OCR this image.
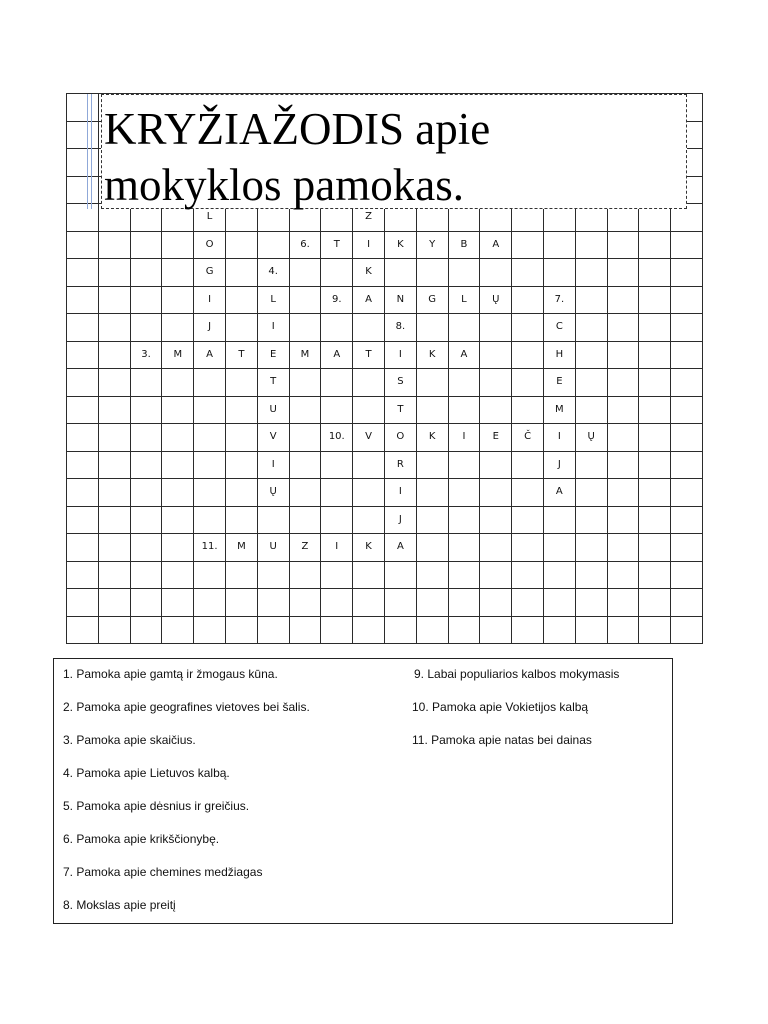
				L					Z										
				O			6.	T	I	K	Y	B	A						
				G		4.			K										
				I		L		9.	A	N	G	L	Ų		7.				
				J		I				8.					C				
		3.	M	A	T	E	M	A	T	I	K	A			H				
						T				S					E				
						U				T					M				
						V		10.	V	O	K	I	E	Č	I	Ų			
						I				R					J				
						Ų				I					A				
										J									
				11.	M	U	Z	I	K	A									

KRYŽIAŽODIS apie
mokyklos pamokas.
1. Pamoka apie gamtą ir žmogaus kūna.
2. Pamoka apie geografines vietoves bei šalis.
3. Pamoka apie skaičius.
4. Pamoka apie Lietuvos kalbą.
5. Pamoka apie dėsnius ir greičius.
6. Pamoka apie krikščionybę.
7. Pamoka apie chemines medžiagas
8. Mokslas apie preitį
9. Labai populiarios kalbos mokymasis
10. Pamoka apie Vokietijos kalbą
11. Pamoka apie natas bei dainas
